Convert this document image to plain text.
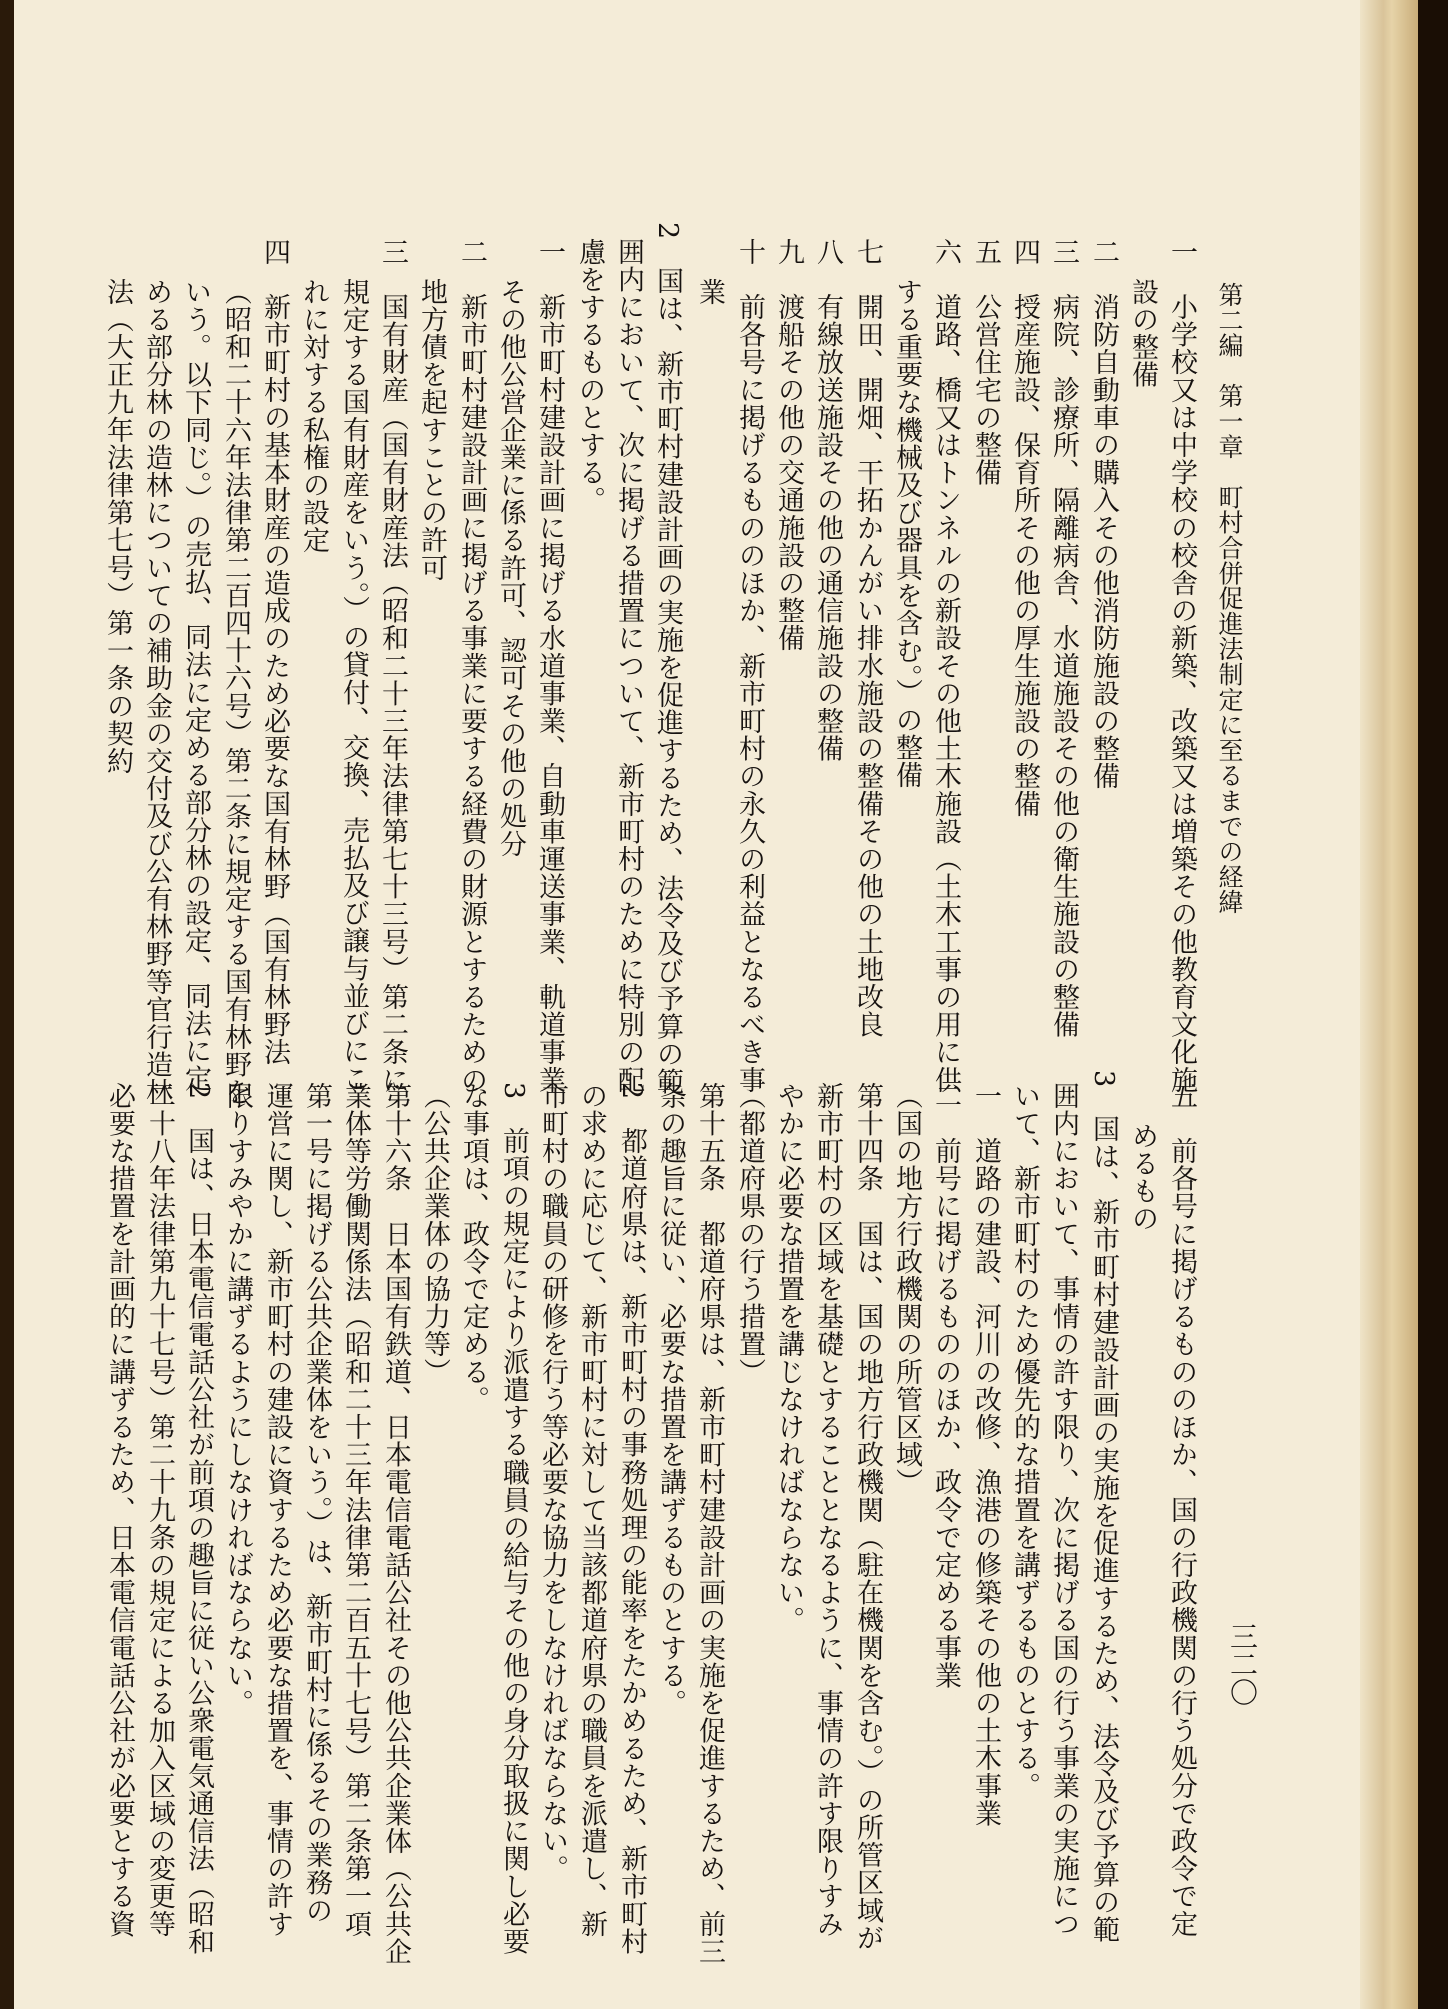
第二編　第一章　町村合併促進法制定に至るまでの経緯
一　小学校又は中学校の校舎の新築、改築又は増築その他教育文化施
設の整備
二　消防自動車の購入その他消防施設の整備
三　病院、診療所、隔離病舎、水道施設その他の衛生施設の整備
四　授産施設、保育所その他の厚生施設の整備
五　公営住宅の整備
六　道路、橋又はトンネルの新設その他土木施設（土木工事の用に供
する重要な機械及び器具を含む。）の整備
七　開田、開畑、干拓かんがい排水施設の整備その他の土地改良
八　有線放送施設その他の通信施設の整備
九　渡船その他の交通施設の整備
十　前各号に掲げるもののほか、新市町村の永久の利益となるべき事
業
2　国は、新市町村建設計画の実施を促進するため、法令及び予算の範
囲内において、次に掲げる措置について、新市町村のために特別の配
慮をするものとする。
一　新市町村建設計画に掲げる水道事業、自動車運送事業、軌道事業
その他公営企業に係る許可、認可その他の処分
二　新市町村建設計画に掲げる事業に要する経費の財源とするための
地方債を起すことの許可
三　国有財産（国有財産法（昭和二十三年法律第七十三号）第二条に
規定する国有財産をいう。）の貸付、交換、売払及び譲与並びにこ
れに対する私権の設定
四　新市町村の基本財産の造成のため必要な国有林野（国有林野法
（昭和二十六年法律第二百四十六号）第二条に規定する国有林野を
いう。以下同じ。）の売払、同法に定める部分林の設定、同法に定
める部分林の造林についての補助金の交付及び公有林野等官行造林
法（大正九年法律第七号）第一条の契約
三二〇
五　前各号に掲げるもののほか、国の行政機関の行う処分で政令で定
めるもの
3　国は、新市町村建設計画の実施を促進するため、法令及び予算の範
囲内において、事情の許す限り、次に掲げる国の行う事業の実施につ
いて、新市町村のため優先的な措置を講ずるものとする。
一　道路の建設、河川の改修、漁港の修築その他の土木事業
二　前号に掲げるもののほか、政令で定める事業
（国の地方行政機関の所管区域）
第十四条　国は、国の地方行政機関（駐在機関を含む。）の所管区域が
新市町村の区域を基礎とすることとなるように、事情の許す限りすみ
やかに必要な措置を講じなければならない。
（都道府県の行う措置）
第十五条　都道府県は、新市町村建設計画の実施を促進するため、前三
条の趣旨に従い、必要な措置を講ずるものとする。
2　都道府県は、新市町村の事務処理の能率をたかめるため、新市町村
の求めに応じて、新市町村に対して当該都道府県の職員を派遣し、新
市町村の職員の研修を行う等必要な協力をしなければならない。
3　前項の規定により派遣する職員の給与その他の身分取扱に関し必要
な事項は、政令で定める。
（公共企業体の協力等）
第十六条　日本国有鉄道、日本電信電話公社その他公共企業体（公共企
業体等労働関係法（昭和二十三年法律第二百五十七号）第二条第一項
第一号に掲げる公共企業体をいう。）は、新市町村に係るその業務の
運営に関し、新市町村の建設に資するため必要な措置を、事情の許す
限りすみやかに講ずるようにしなければならない。
2　国は、日本電信電話公社が前項の趣旨に従い公衆電気通信法（昭和
二十八年法律第九十七号）第二十九条の規定による加入区域の変更等
必要な措置を計画的に講ずるため、日本電信電話公社が必要とする資
